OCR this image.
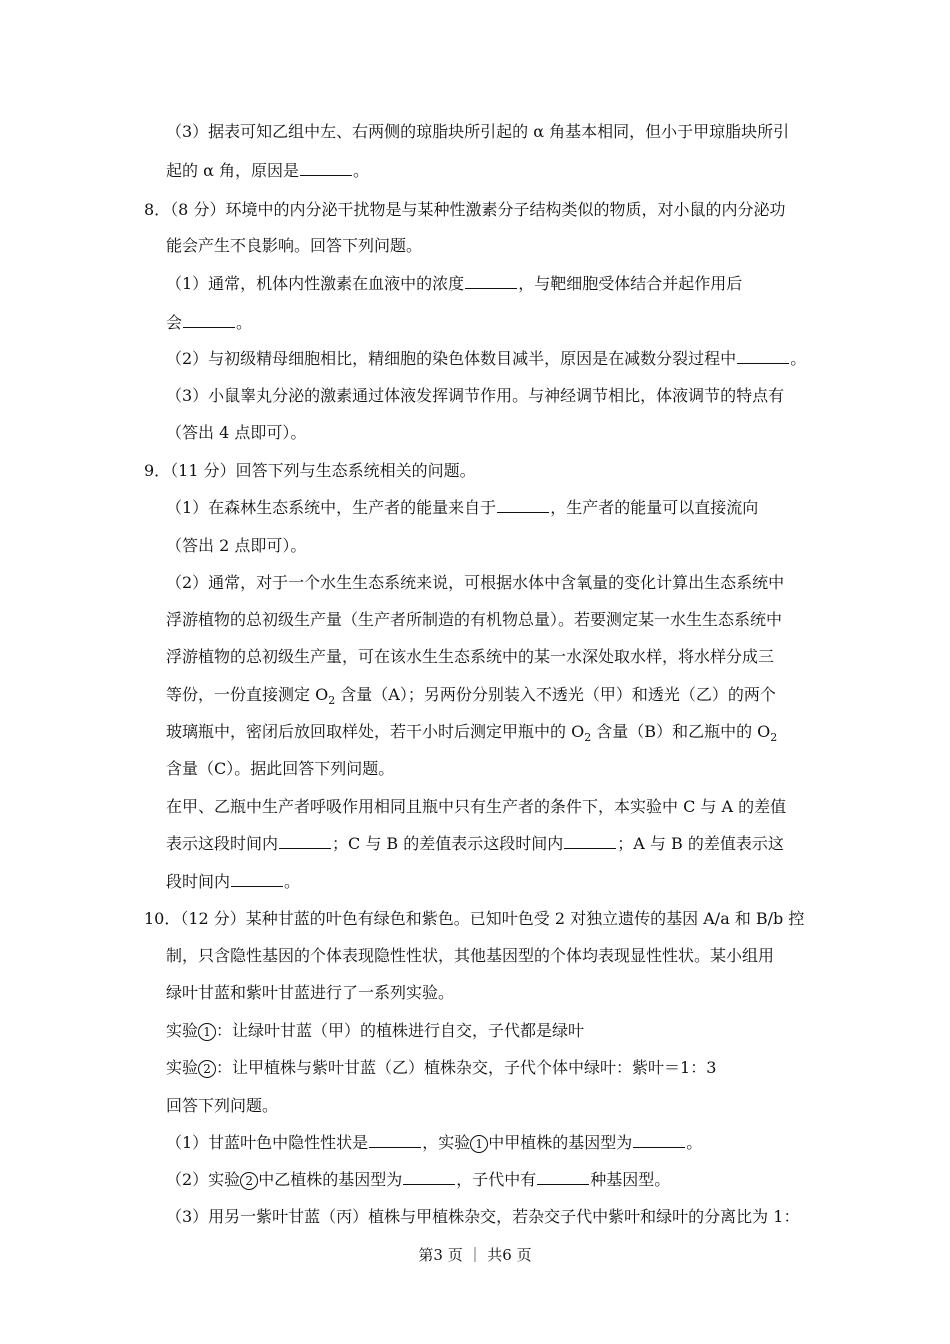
（3）据表可知乙组中左、右两侧的琼脂块所引起的 α 角基本相同，但小于甲琼脂块所引
起的 α 角，原因是	。
8．（8 分）环境中的内分泌干扰物是与某种性激素分子结构类似的物质，对小鼠的内分泌功
能会产生不良影响。回答下列问题。
（1）通常，机体内性激素在血液中的浓度	，与靶细胞受体结合并起作用后
会	。
（2）与初级精母细胞相比，精细胞的染色体数目减半，原因是在减数分裂过程中	。
（3）小鼠睾丸分泌的激素通过体液发挥调节作用。与神经调节相比，体液调节的特点有
（答出 4 点即可）。
9．（11 分）回答下列与生态系统相关的问题。
（1）在森林生态系统中，生产者的能量来自于	，生产者的能量可以直接流向
（答出 2 点即可）。
（2）通常，对于一个水生生态系统来说，可根据水体中含氧量的变化计算出生态系统中
浮游植物的总初级生产量（生产者所制造的有机物总量）。若要测定某一水生生态系统中
浮游植物的总初级生产量，可在该水生生态系统中的某一水深处取水样，将水样分成三
等份，一份直接测定 $O_2$ 含量（A）；另两份分别装入不透光（甲）和透光（乙）的两个
玻璃瓶中，密闭后放回取样处，若干小时后测定甲瓶中的 $O_2$ 含量（B）和乙瓶中的 $O_2$
含量（C）。据此回答下列问题。
在甲、乙瓶中生产者呼吸作用相同且瓶中只有生产者的条件下，本实验中 C 与 A 的差值
表示这段时间内	；C 与 B 的差值表示这段时间内	；A 与 B 的差值表示这
段时间内	。
10．（12 分）某种甘蓝的叶色有绿色和紫色。已知叶色受 2 对独立遗传的基因 A/a 和 B/b 控
制，只含隐性基因的个体表现隐性性状，其他基因型的个体均表现显性性状。某小组用
绿叶甘蓝和紫叶甘蓝进行了一系列实验。
实验 1 ：让绿叶甘蓝（甲）的植株进行自交，子代都是绿叶
实验 2 ：让甲植株与紫叶甘蓝（乙）植株杂交，子代个体中绿叶：紫叶＝1：3
回答下列问题。
（1）甘蓝叶色中隐性性状是	，实验 1 中甲植株的基因型为	。
（2）实验 2 中乙植株的基因型为	，子代中有	种基因型。
（3）用另一紫叶甘蓝（丙）植株与甲植株杂交，若杂交子代中紫叶和绿叶的分离比为 1：
第3 页 ｜ 共6 页
